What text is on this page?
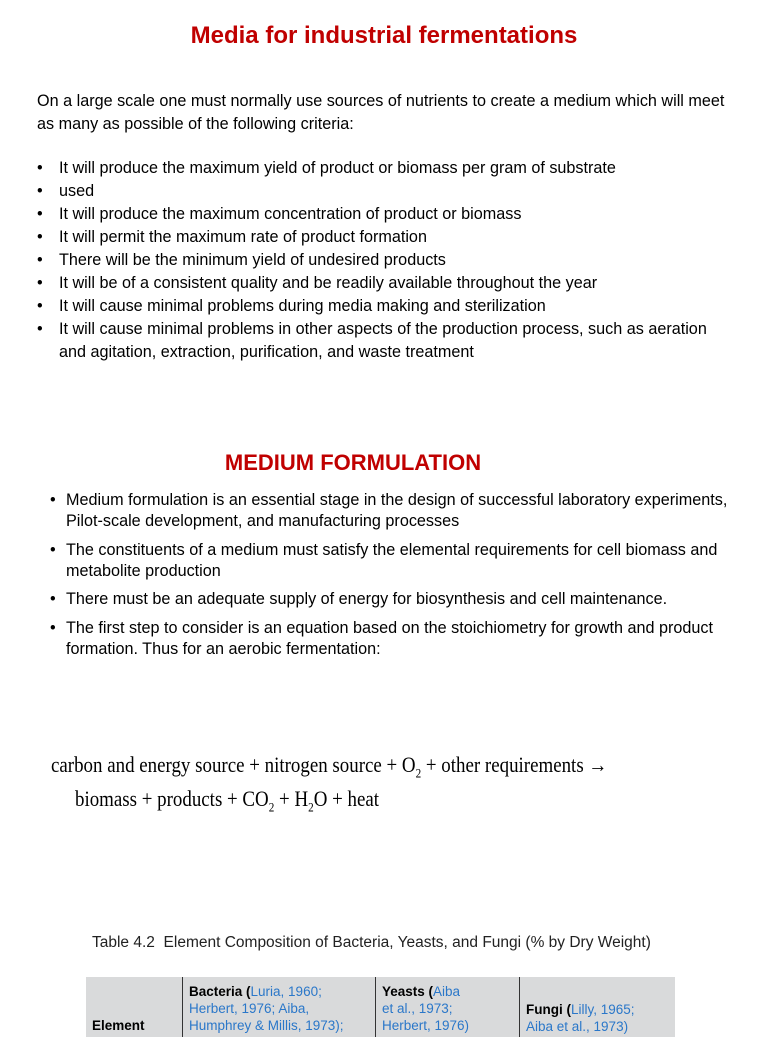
Media for industrial fermentations

On a large scale one must normally use sources of nutrients to create a medium which will meet as many as possible of the following criteria:

• It will produce the maximum yield of product or biomass per gram of substrate
• used
• It will produce the maximum concentration of product or biomass
• It will permit the maximum rate of product formation
• There will be the minimum yield of undesired products
• It will be of a consistent quality and be readily available throughout the year
• It will cause minimal problems during media making and sterilization
• It will cause minimal problems in other aspects of the production process, such as aeration and agitation, extraction, purification, and waste treatment
MEDIUM FORMULATION
• Medium formulation is an essential stage in the design of successful laboratory experiments, Pilot-scale development, and manufacturing processes
• The constituents of a medium must satisfy the elemental requirements for cell biomass and metabolite production
• There must be an adequate supply of energy for biosynthesis and cell maintenance.
• The first step to consider is an equation based on the stoichiometry for growth and product formation. Thus for an aerobic fermentation:
carbon and energy source + nitrogen source + $O_2$ + other requirements →
biomass + products + $CO_2 + H_2O$ + heat
Table 4.2 Element Composition of Bacteria, Yeasts, and Fungi (% by Dry Weight)
Element
Bacteria (Luria, 1960;
Herbert, 1976; Aiba,
Humphrey & Millis, 1973);
Yeasts (Aiba
et al., 1973;
Herbert, 1976)
Fungi (Lilly, 1965;
Aiba et al., 1973)
